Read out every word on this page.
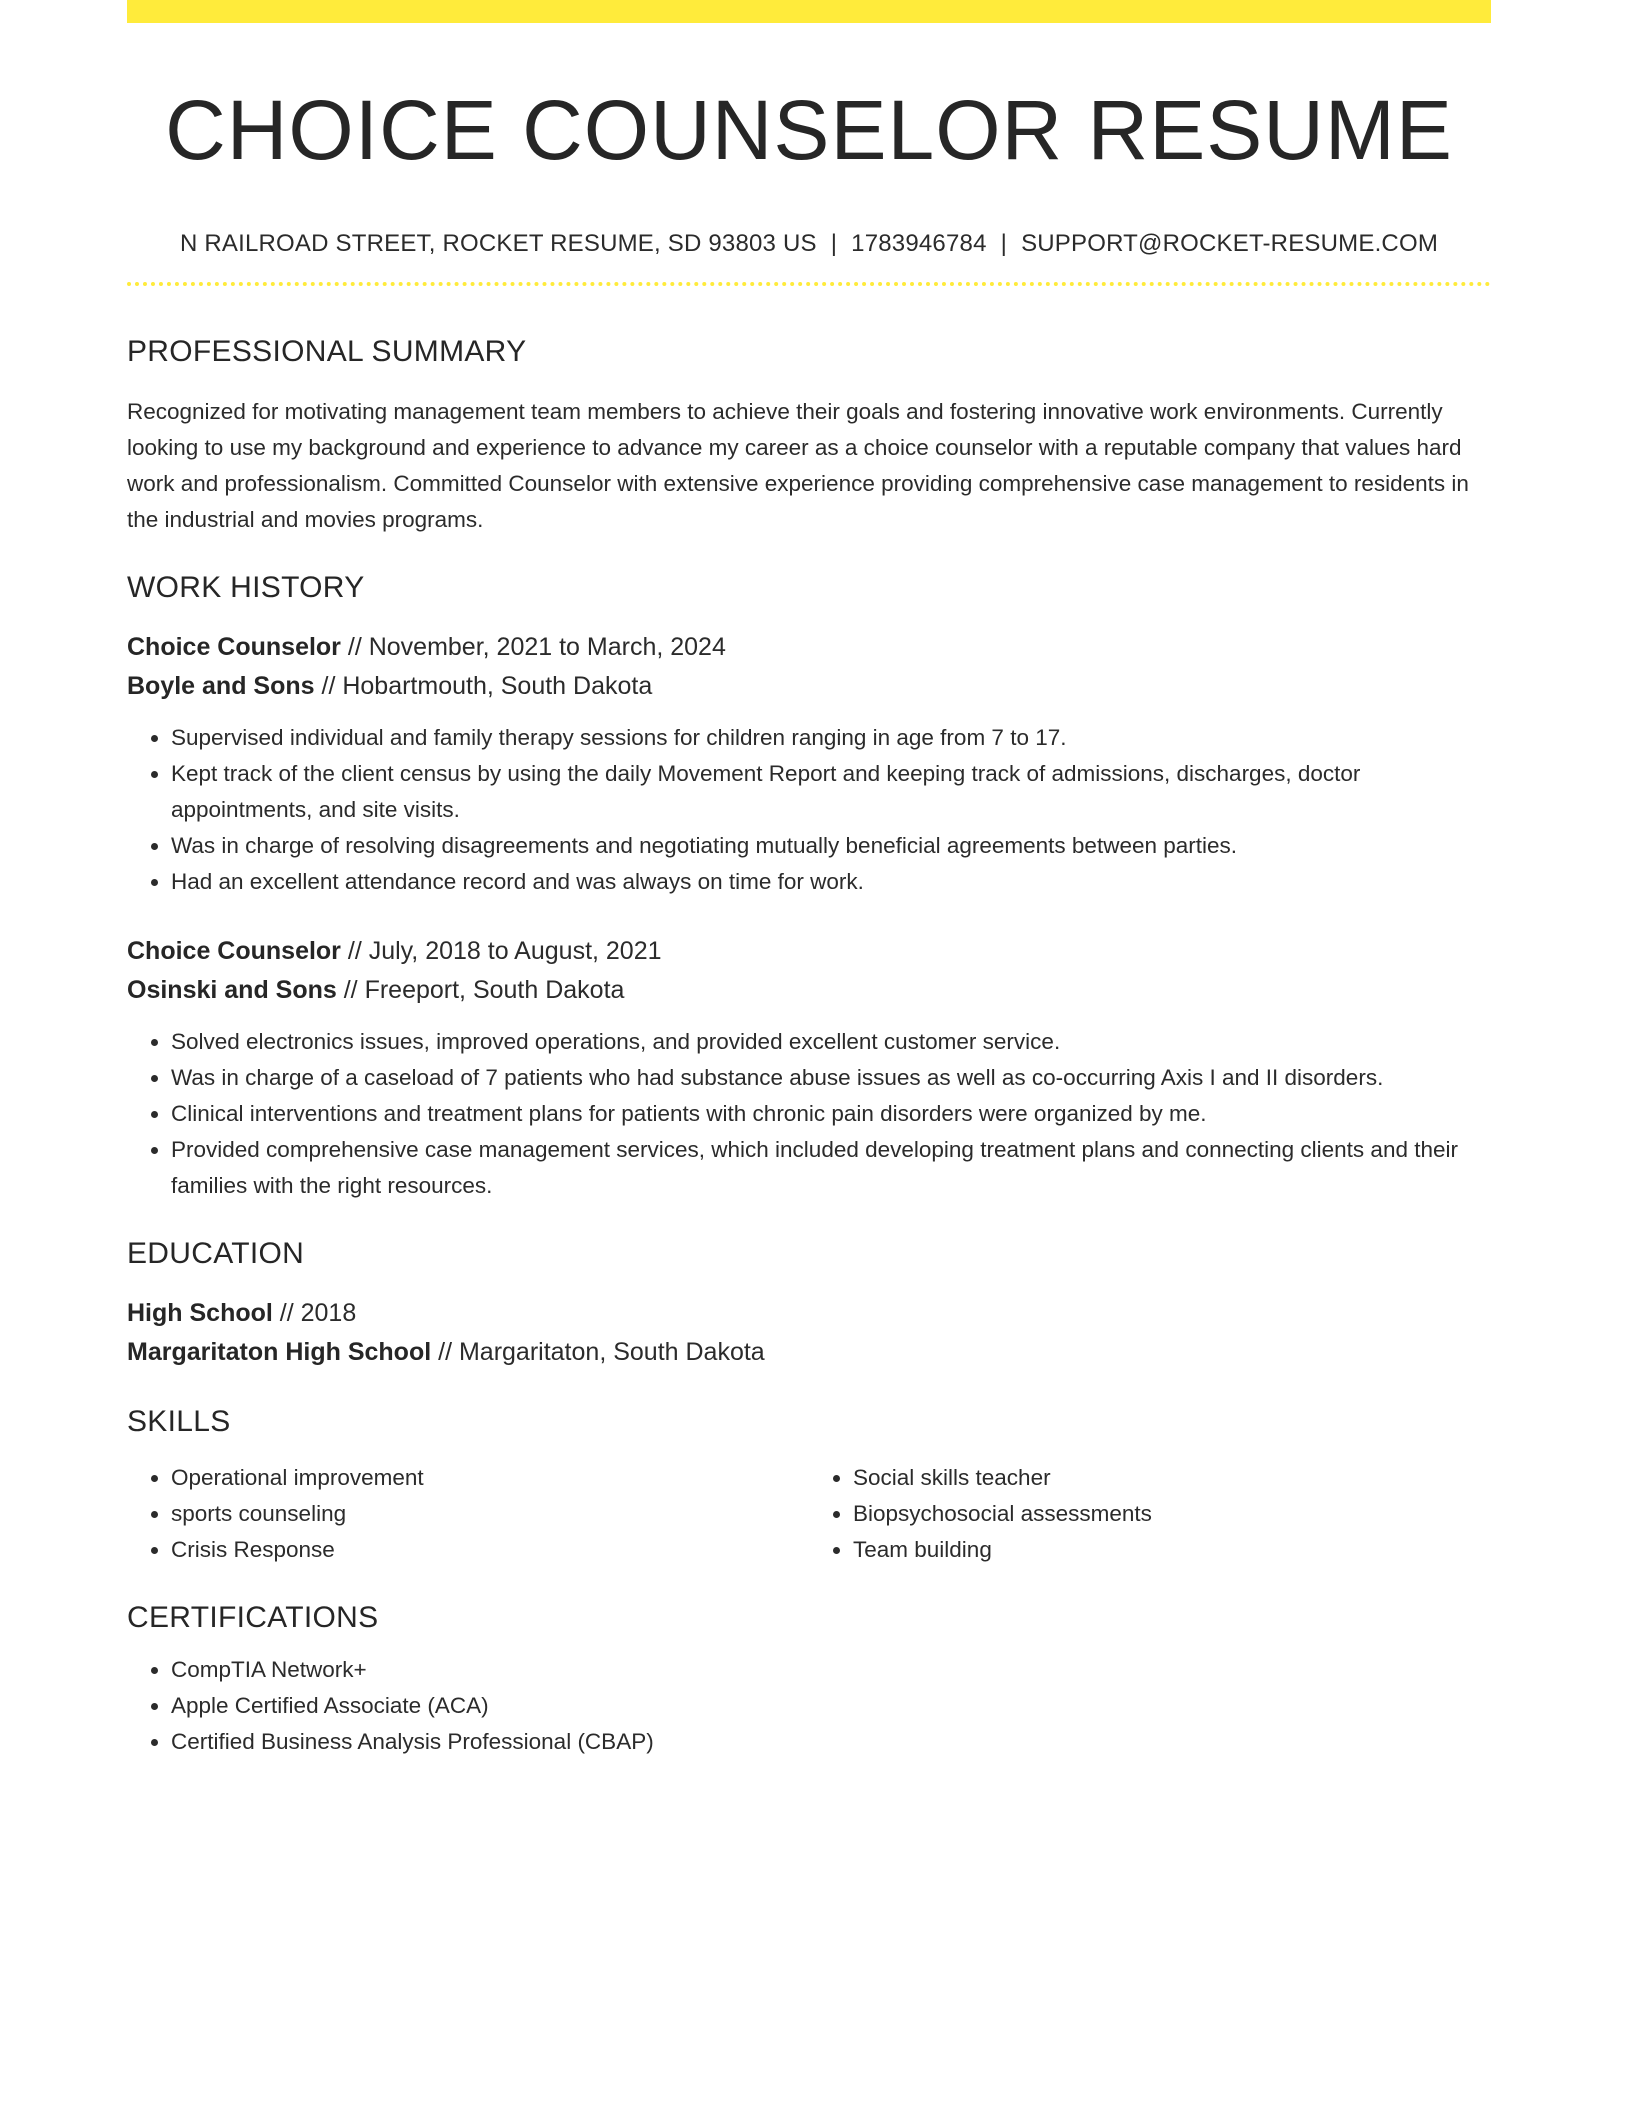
CHOICE COUNSELOR RESUME
N RAILROAD STREET, ROCKET RESUME, SD 93803 US | 1783946784 | SUPPORT@ROCKET-RESUME.COM
PROFESSIONAL SUMMARY
Recognized for motivating management team members to achieve their goals and fostering innovative work environments. Currently looking to use my background and experience to advance my career as a choice counselor with a reputable company that values hard work and professionalism. Committed Counselor with extensive experience providing comprehensive case management to residents in the industrial and movies programs.
WORK HISTORY
Choice Counselor // November, 2021 to March, 2024
Boyle and Sons // Hobartmouth, South Dakota
• Supervised individual and family therapy sessions for children ranging in age from 7 to 17.
• Kept track of the client census by using the daily Movement Report and keeping track of admissions, discharges, doctor appointments, and site visits.
• Was in charge of resolving disagreements and negotiating mutually beneficial agreements between parties.
• Had an excellent attendance record and was always on time for work.
Choice Counselor // July, 2018 to August, 2021
Osinski and Sons // Freeport, South Dakota
• Solved electronics issues, improved operations, and provided excellent customer service.
• Was in charge of a caseload of 7 patients who had substance abuse issues as well as co-occurring Axis I and II disorders.
• Clinical interventions and treatment plans for patients with chronic pain disorders were organized by me.
• Provided comprehensive case management services, which included developing treatment plans and connecting clients and their families with the right resources.
EDUCATION
High School // 2018
Margaritaton High School // Margaritaton, South Dakota
SKILLS
• Operational improvement
• sports counseling
• Crisis Response
• Social skills teacher
• Biopsychosocial assessments
• Team building
CERTIFICATIONS
• CompTIA Network+
• Apple Certified Associate (ACA)
• Certified Business Analysis Professional (CBAP)
